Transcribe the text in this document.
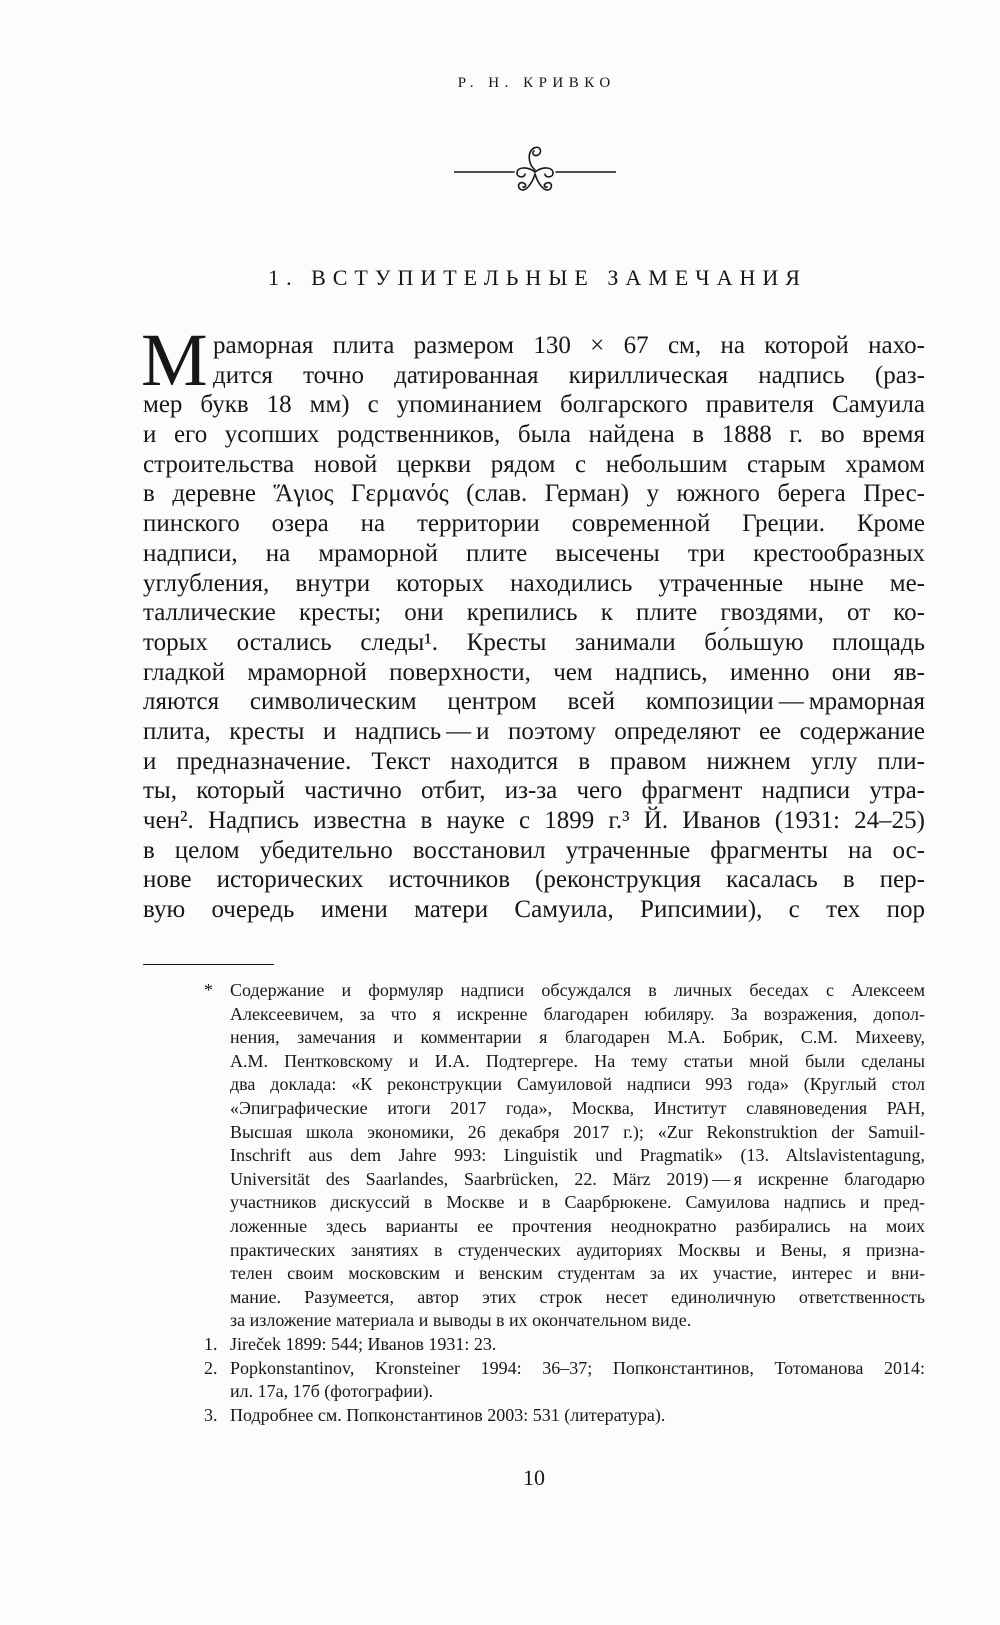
Р. Н. КРИВКО
1. ВСТУПИТЕЛЬНЫЕ ЗАМЕЧАНИЯ
М раморная плита размером 130 × 67 см, на которой нахо-
дится точно датированная кириллическая надпись (раз-
мер букв 18 мм) с упоминанием болгарского правителя Самуила
и его усопших родственников, была найдена в 1888 г. во время
строительства новой церкви рядом с небольшим старым храмом
в деревне Ἅγιος Γερμανός (слав. Герман) у южного берега Прес-
пинского озера на территории современной Греции. Кроме
надписи, на мраморной плите высечены три крестообразных
углубления, внутри которых находились утраченные ныне ме-
таллические кресты; они крепились к плите гвоздями, от ко-
торых остались следы¹. Кресты занимали бо́льшую площадь
гладкой мраморной поверхности, чем надпись, именно они яв-
ляются символическим центром всей композиции — мраморная
плита, кресты и надпись — и поэтому определяют ее содержание
и предназначение. Текст находится в правом нижнем углу пли-
ты, который частично отбит, из-за чего фрагмент надписи утра-
чен². Надпись известна в науке с 1899 г.³ Й. Иванов (1931: 24–25)
в целом убедительно восстановил утраченные фрагменты на ос-
нове исторических источников (реконструкция касалась в пер-
вую очередь имени матери Самуила, Рипсимии), с тех пор
* Содержание и формуляр надписи обсуждался в личных беседах с Алексеем
Алексеевичем, за что я искренне благодарен юбиляру. За возражения, допол-
нения, замечания и комментарии я благодарен М.А. Бобрик, С.М. Михееву,
А.М. Пентковскому и И.А. Подтергере. На тему статьи мной были сделаны
два доклада: «К реконструкции Самуиловой надписи 993 года» (Круглый стол
«Эпиграфические итоги 2017 года», Москва, Институт славяноведения РАН,
Высшая школа экономики, 26 декабря 2017 г.); «Zur Rekonstruktion der Samuil-
Inschrift aus dem Jahre 993: Linguistik und Pragmatik» (13. Altslavistentagung,
Universität des Saarlandes, Saarbrücken, 22. März 2019) — я искренне благодарю
участников дискуссий в Москве и в Саарбрюкене. Самуилова надпись и пред-
ложенные здесь варианты ее прочтения неоднократно разбирались на моих
практических занятиях в студенческих аудиториях Москвы и Вены, я призна-
телен своим московским и венским студентам за их участие, интерес и вни-
мание. Разумеется, автор этих строк несет единоличную ответственность
за изложение материала и выводы в их окончательном виде.
1. Jireček 1899: 544; Иванов 1931: 23.
2. Popkonstantinov, Kronsteiner 1994: 36–37; Попконстантинов, Тотоманова 2014:
ил. 17а, 17б (фотографии).
3. Подробнее см. Попконстантинов 2003: 531 (литература).
10
